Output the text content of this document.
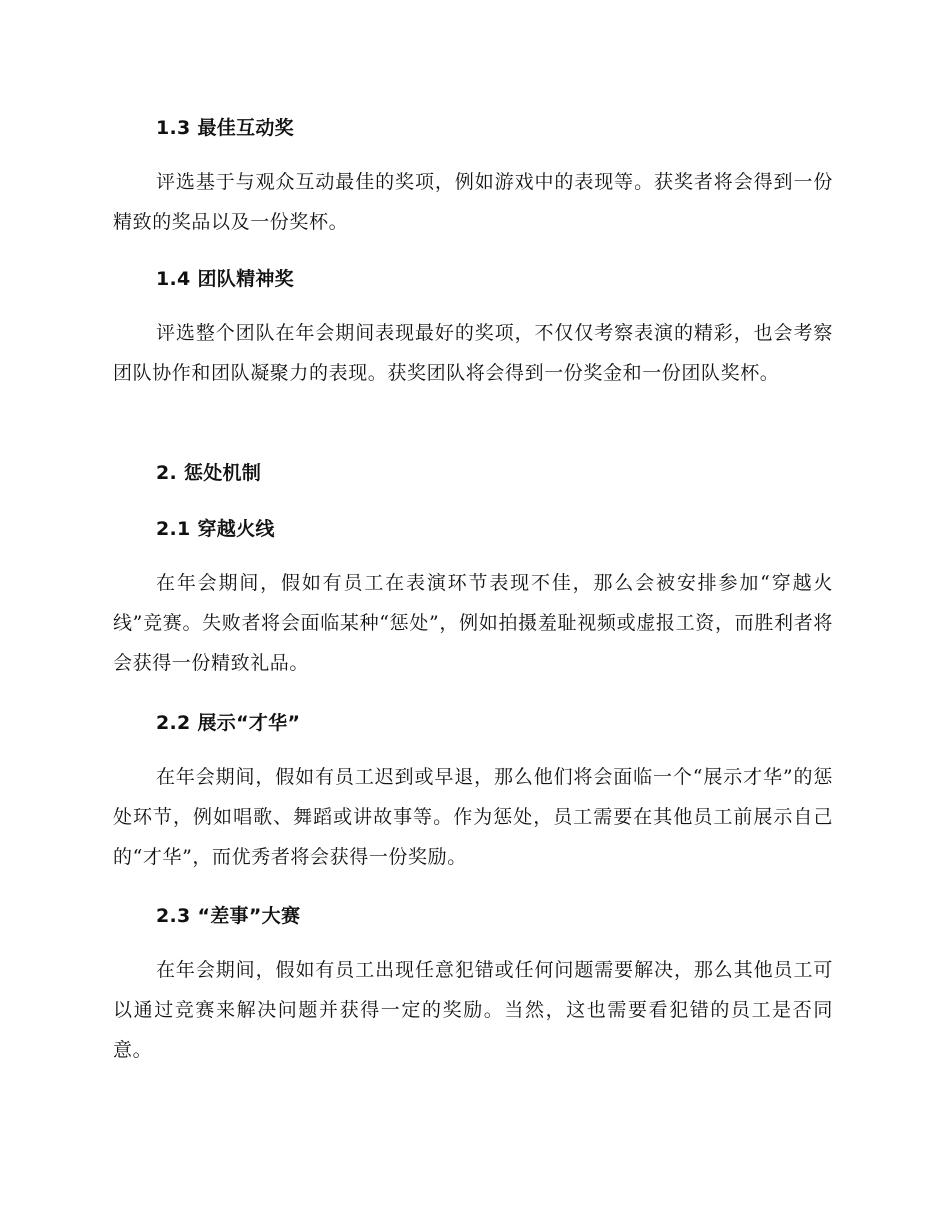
1.3 最佳互动奖
评选基于与观众互动最佳的奖项，例如游戏中的表现等。获奖者将会得到一份精致的奖品以及一份奖杯。
1.4 团队精神奖
评选整个团队在年会期间表现最好的奖项，不仅仅考察表演的精彩，也会考察团队协作和团队凝聚力的表现。获奖团队将会得到一份奖金和一份团队奖杯。
2. 惩处机制
2.1 穿越火线
在年会期间，假如有员工在表演环节表现不佳，那么会被安排参加“穿越火线”竞赛。失败者将会面临某种“惩处”，例如拍摄羞耻视频或虚报工资，而胜利者将会获得一份精致礼品。
2.2 展示“才华”
在年会期间，假如有员工迟到或早退，那么他们将会面临一个“展示才华”的惩处环节，例如唱歌、舞蹈或讲故事等。作为惩处，员工需要在其他员工前展示自己的“才华”，而优秀者将会获得一份奖励。
2.3 “差事”大赛
在年会期间，假如有员工出现任意犯错或任何问题需要解决，那么其他员工可以通过竞赛来解决问题并获得一定的奖励。当然，这也需要看犯错的员工是否同意。
